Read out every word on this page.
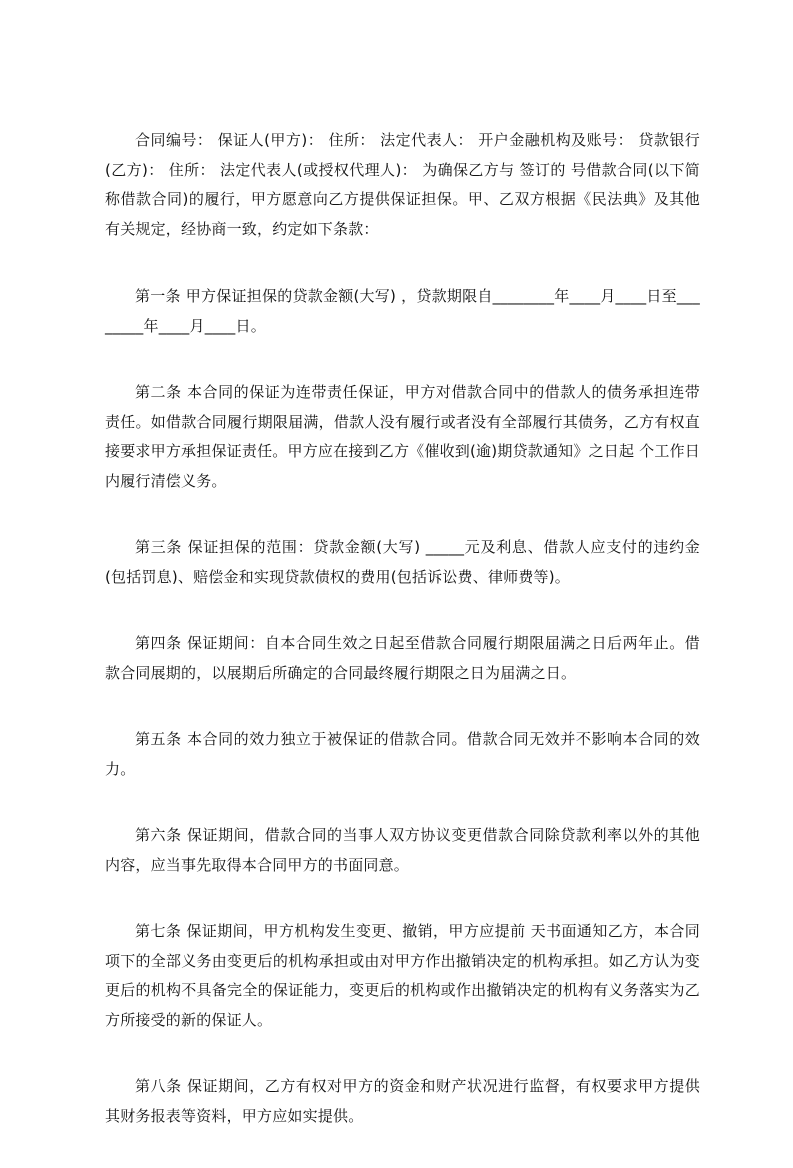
合同编号： 保证人(甲方)： 住所： 法定代表人： 开户金融机构及账号： 贷款银行(乙方)： 住所： 法定代表人(或授权代理人)： 为确保乙方与 签订的 号借款合同(以下简称借款合同)的履行，甲方愿意向乙方提供保证担保。甲、乙双方根据《民法典》及其他有关规定，经协商一致，约定如下条款：

第一条 甲方保证担保的贷款金额(大写) ，贷款期限自________年____月____日至________年____月____日。

第二条 本合同的保证为连带责任保证，甲方对借款合同中的借款人的债务承担连带责任。如借款合同履行期限届满，借款人没有履行或者没有全部履行其债务，乙方有权直接要求甲方承担保证责任。甲方应在接到乙方《催收到(逾)期贷款通知》之日起 个工作日内履行清偿义务。

第三条 保证担保的范围：贷款金额(大写) _____元及利息、借款人应支付的违约金(包括罚息)、赔偿金和实现贷款债权的费用(包括诉讼费、律师费等)。

第四条 保证期间：自本合同生效之日起至借款合同履行期限届满之日后两年止。借款合同展期的，以展期后所确定的合同最终履行期限之日为届满之日。

第五条 本合同的效力独立于被保证的借款合同。借款合同无效并不影响本合同的效力。

第六条 保证期间，借款合同的当事人双方协议变更借款合同除贷款利率以外的其他内容，应当事先取得本合同甲方的书面同意。

第七条 保证期间，甲方机构发生变更、撤销，甲方应提前 天书面通知乙方，本合同项下的全部义务由变更后的机构承担或由对甲方作出撤销决定的机构承担。如乙方认为变更后的机构不具备完全的保证能力，变更后的机构或作出撤销决定的机构有义务落实为乙方所接受的新的保证人。

第八条 保证期间，乙方有权对甲方的资金和财产状况进行监督，有权要求甲方提供其财务报表等资料，甲方应如实提供。
